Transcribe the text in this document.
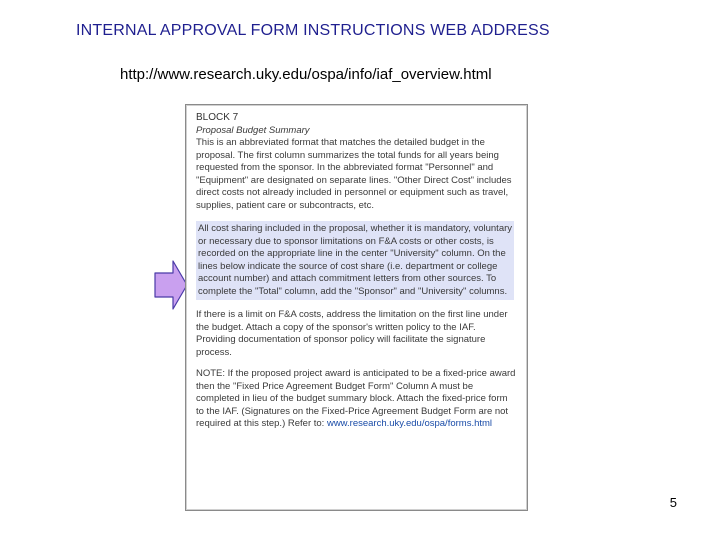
INTERNAL APPROVAL FORM INSTRUCTIONS WEB ADDRESS
http://www.research.uky.edu/ospa/info/iaf_overview.html

BLOCK 7

Proposal Budget Summary

This is an abbreviated format that matches the detailed budget in the proposal. The first column summarizes the total funds for all years being requested from the sponsor. In the abbreviated format "Personnel" and "Equipment" are designated on separate lines. "Other Direct Cost" includes direct costs not already included in personnel or equipment such as travel, supplies, patient care or subcontracts, etc.

All cost sharing included in the proposal, whether it is mandatory, voluntary or necessary due to sponsor limitations on F&A costs or other costs, is recorded on the appropriate line in the center "University" column. On the lines below indicate the source of cost share (i.e. department or college account number) and attach commitment letters from other sources. To complete the "Total" column, add the "Sponsor" and "University" columns.

If there is a limit on F&A costs, address the limitation on the first line under the budget. Attach a copy of the sponsor's written policy to the IAF. Providing documentation of sponsor policy will facilitate the signature process.

NOTE: If the proposed project award is anticipated to be a fixed-price award then the "Fixed Price Agreement Budget Form" Column A must be completed in lieu of the budget summary block. Attach the fixed-price form to the IAF. (Signatures on the Fixed-Price Agreement Budget Form are not required at this step.) Refer to: www.research.uky.edu/ospa/forms.html

5
